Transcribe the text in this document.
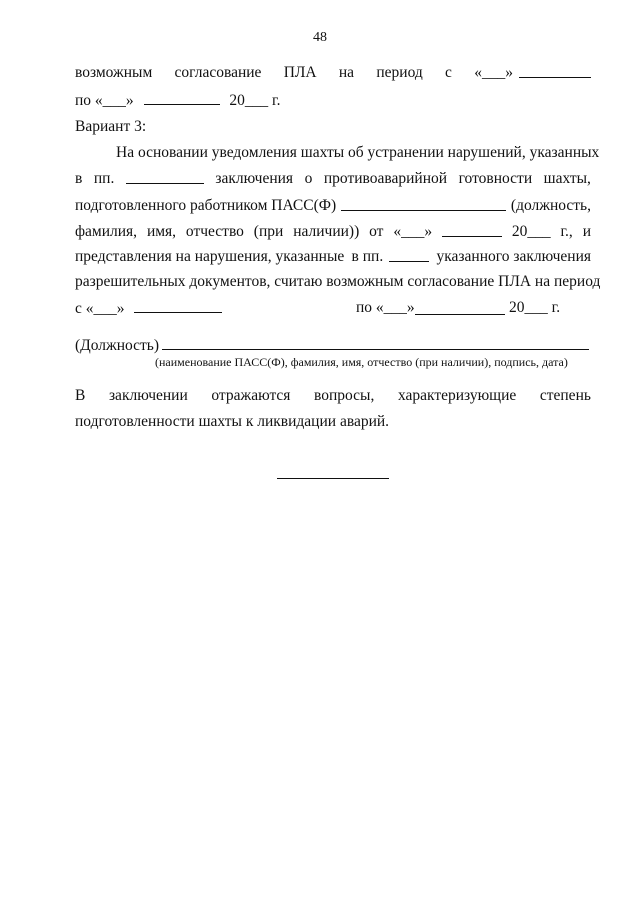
48
возможным согласование ПЛА на период с «___»
по «___»	20___ г.
Вариант 3:
На основании уведомления шахты об устранении нарушений, указанных
в пп.	заключения о противоаварийной готовности шахты,
подготовленного работником ПАСС(Ф)	(должность,
фамилия, имя, отчество (при наличии)) от «___»	20___ г., и
представления на нарушения, указанные в пп.	указанного заключения
разрешительных документов, считаю возможным согласование ПЛА на период
с «___»	по «___»	20___ г.
(Должность)
(наименование ПАСС(Ф), фамилия, имя, отчество (при наличии), подпись, дата)
В заключении отражаются вопросы, характеризующие степень
подготовленности шахты к ликвидации аварий.
